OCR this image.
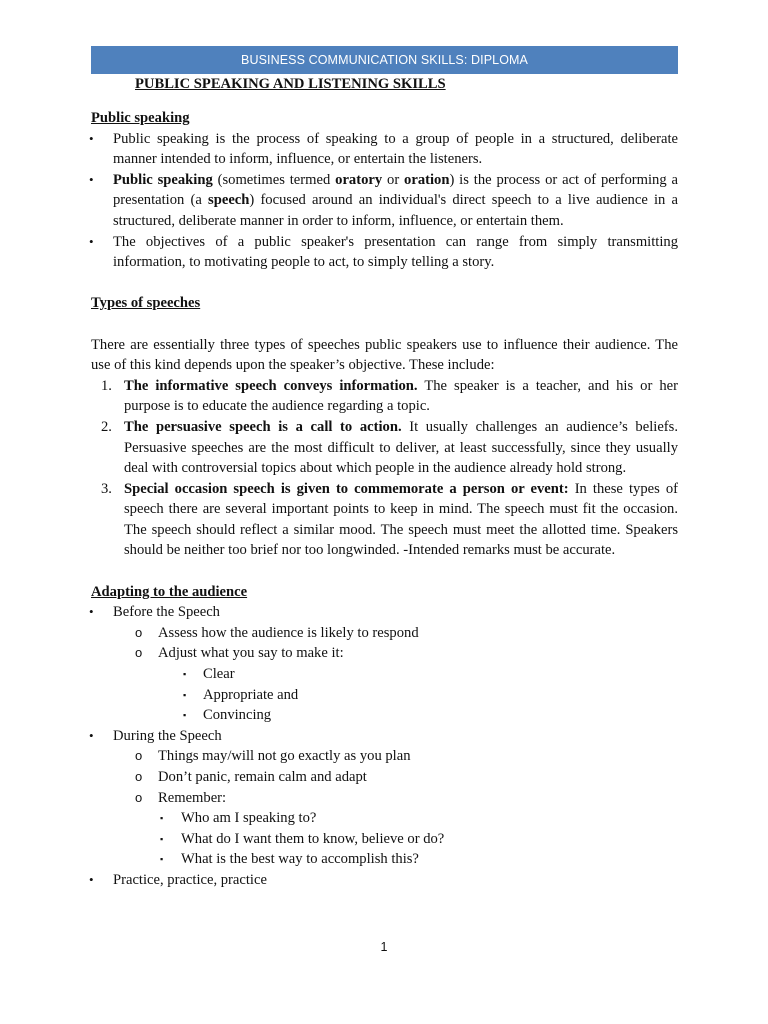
BUSINESS COMMUNICATION SKILLS: DIPLOMA
PUBLIC SPEAKING AND LISTENING SKILLS

Public speaking

• Public speaking is the process of speaking to a group of people in a structured, deliberate manner intended to inform, influence, or entertain the listeners.
• Public speaking (sometimes termed oratory or oration) is the process or act of performing a presentation (a speech) focused around an individual's direct speech to a live audience in a structured, deliberate manner in order to inform, influence, or entertain them.
• The objectives of a public speaker's presentation can range from simply transmitting information, to motivating people to act, to simply telling a story.

Types of speeches

There are essentially three types of speeches public speakers use to influence their audience. The use of this kind depends upon the speaker’s objective. These include:

1. The informative speech conveys information. The speaker is a teacher, and his or her purpose is to educate the audience regarding a topic.
2. The persuasive speech is a call to action. It usually challenges an audience’s beliefs. Persuasive speeches are the most difficult to deliver, at least successfully, since they usually deal with controversial topics about which people in the audience already hold strong.
3. Special occasion speech is given to commemorate a person or event: In these types of speech there are several important points to keep in mind. The speech must fit the occasion. The speech should reflect a similar mood. The speech must meet the allotted time. Speakers should be neither too brief nor too longwinded. -Intended remarks must be accurate.

Adapting to the audience

• Before the Speech
o Assess how the audience is likely to respond
o Adjust what you say to make it:
▪ Clear
▪ Appropriate and
▪ Convincing
• During the Speech
o Things may/will not go exactly as you plan
o Don’t panic, remain calm and adapt
o Remember:
▪ Who am I speaking to?
▪ What do I want them to know, believe or do?
▪ What is the best way to accomplish this?
• Practice, practice, practice
1
